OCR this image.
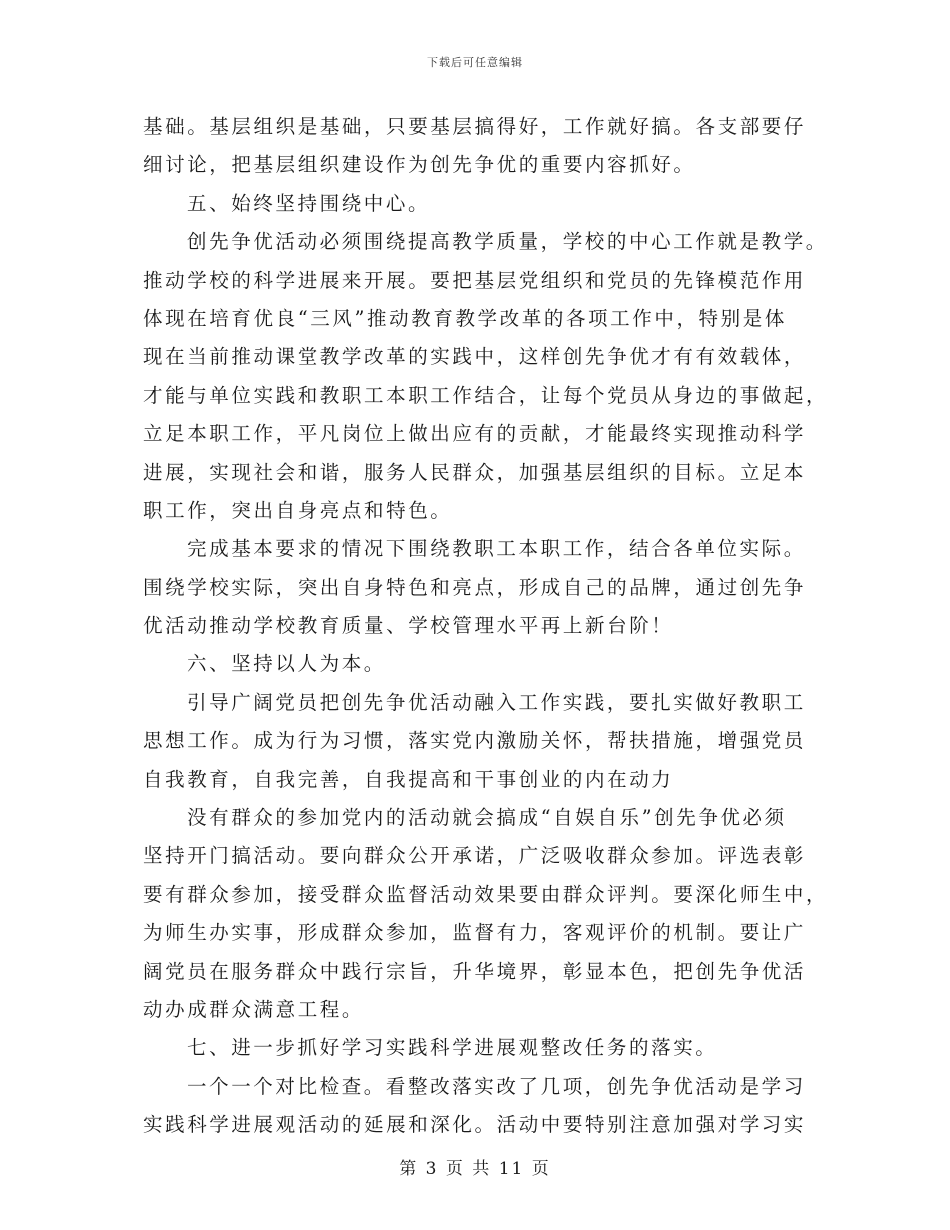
下载后可任意编辑
基础。基层组织是基础，只要基层搞得好，工作就好搞。各支部要仔
细讨论，把基层组织建设作为创先争优的重要内容抓好。
五、始终坚持围绕中心。
创先争优活动必须围绕提高教学质量，学校的中心工作就是教学。
推动学校的科学进展来开展。要把基层党组织和党员的先锋模范作用
体现在培育优良“三风”推动教育教学改革的各项工作中，特别是体
现在当前推动课堂教学改革的实践中，这样创先争优才有有效载体，
才能与单位实践和教职工本职工作结合，让每个党员从身边的事做起，
立足本职工作，平凡岗位上做出应有的贡献，才能最终实现推动科学
进展，实现社会和谐，服务人民群众，加强基层组织的目标。立足本
职工作，突出自身亮点和特色。
完成基本要求的情况下围绕教职工本职工作，结合各单位实际。
围绕学校实际，突出自身特色和亮点，形成自己的品牌，通过创先争
优活动推动学校教育质量、学校管理水平再上新台阶！
六、坚持以人为本。
引导广阔党员把创先争优活动融入工作实践，要扎实做好教职工
思想工作。成为行为习惯，落实党内激励关怀，帮扶措施，增强党员
自我教育，自我完善，自我提高和干事创业的内在动力
没有群众的参加党内的活动就会搞成“自娱自乐”创先争优必须
坚持开门搞活动。要向群众公开承诺，广泛吸收群众参加。评选表彰
要有群众参加，接受群众监督活动效果要由群众评判。要深化师生中，
为师生办实事，形成群众参加，监督有力，客观评价的机制。要让广
阔党员在服务群众中践行宗旨，升华境界，彰显本色，把创先争优活
动办成群众满意工程。
七、进一步抓好学习实践科学进展观整改任务的落实。
一个一个对比检查。看整改落实改了几项，创先争优活动是学习
实践科学进展观活动的延展和深化。活动中要特别注意加强对学习实
第 3 页 共 11 页
